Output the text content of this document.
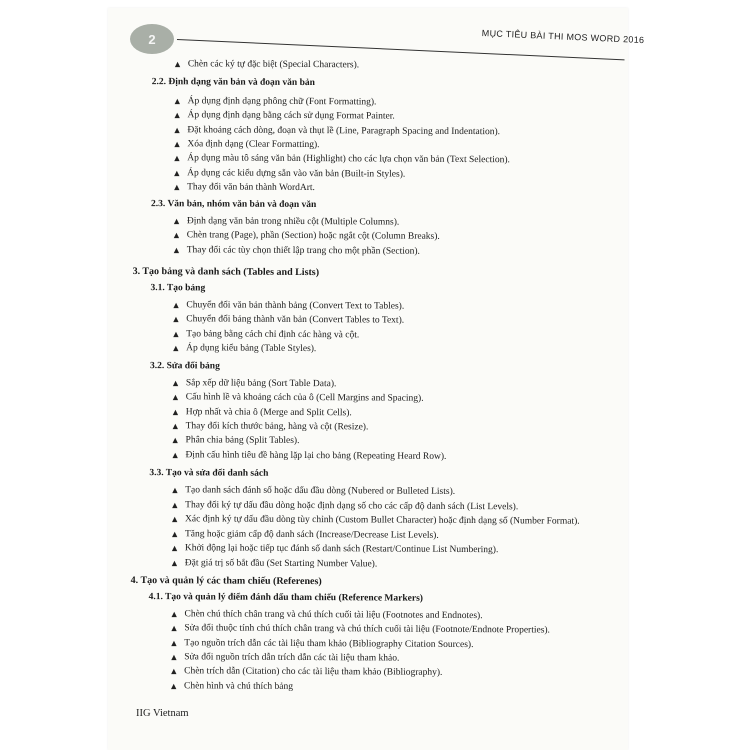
2	MỤC TIÊU BÀI THI MOS WORD 2016
▲ Chèn các ký tự đặc biệt (Special Characters).
2.2. Định dạng văn bản và đoạn văn bản
▲ Áp dụng định dạng phông chữ (Font Formatting).
▲ Áp dụng định dạng bằng cách sử dụng Format Painter.
▲ Đặt khoảng cách dòng, đoạn và thụt lề (Line, Paragraph Spacing and Indentation).
▲ Xóa định dạng (Clear Formatting).
▲ Áp dụng màu tô sáng văn bản (Highlight) cho các lựa chọn văn bản (Text Selection).
▲ Áp dụng các kiểu dựng sẵn vào văn bản (Built-in Styles).
▲ Thay đổi văn bản thành WordArt.
2.3. Văn bản, nhóm văn bản và đoạn văn
▲ Định dạng văn bản trong nhiều cột (Multiple Columns).
▲ Chèn trang (Page), phần (Section) hoặc ngắt cột (Column Breaks).
▲ Thay đổi các tùy chọn thiết lập trang cho một phần (Section).
3. Tạo bảng và danh sách (Tables and Lists)
3.1. Tạo bảng
▲ Chuyển đổi văn bản thành bảng (Convert Text to Tables).
▲ Chuyển đổi bảng thành văn bản (Convert Tables to Text).
▲ Tạo bảng bằng cách chỉ định các hàng và cột.
▲ Áp dụng kiểu bảng (Table Styles).
3.2. Sửa đổi bảng
▲ Sắp xếp dữ liệu bảng (Sort Table Data).
▲ Cấu hình lề và khoảng cách của ô (Cell Margins and Spacing).
▲ Hợp nhất và chia ô (Merge and Split Cells).
▲ Thay đổi kích thước bảng, hàng và cột (Resize).
▲ Phân chia bảng (Split Tables).
▲ Định cấu hình tiêu đề hàng lặp lại cho bảng (Repeating Heard Row).
3.3. Tạo và sửa đổi danh sách
▲ Tạo danh sách đánh số hoặc dấu đầu dòng (Nubered or Bulleted Lists).
▲ Thay đổi ký tự dấu đầu dòng hoặc định dạng số cho các cấp độ danh sách (List Levels).
▲ Xác định ký tự dấu đầu dòng tùy chỉnh (Custom Bullet Character) hoặc định dạng số (Number Format).
▲ Tăng hoặc giảm cấp độ danh sách (Increase/Decrease List Levels).
▲ Khởi động lại hoặc tiếp tục đánh số danh sách (Restart/Continue List Numbering).
▲ Đặt giá trị số bắt đầu (Set Starting Number Value).
4. Tạo và quản lý các tham chiếu (Referenes)
4.1. Tạo và quản lý điểm đánh dấu tham chiếu (Reference Markers)
▲ Chèn chú thích chân trang và chú thích cuối tài liệu (Footnotes and Endnotes).
▲ Sửa đổi thuộc tính chú thích chân trang và chú thích cuối tài liệu (Footnote/Endnote Properties).
▲ Tạo nguồn trích dẫn các tài liệu tham khảo (Bibliography Citation Sources).
▲ Sửa đổi nguồn trích dẫn trích dẫn các tài liệu tham khảo.
▲ Chèn trích dẫn (Citation) cho các tài liệu tham khảo (Bibliography).
▲ Chèn hình và chú thích bảng
IIG Vietnam
